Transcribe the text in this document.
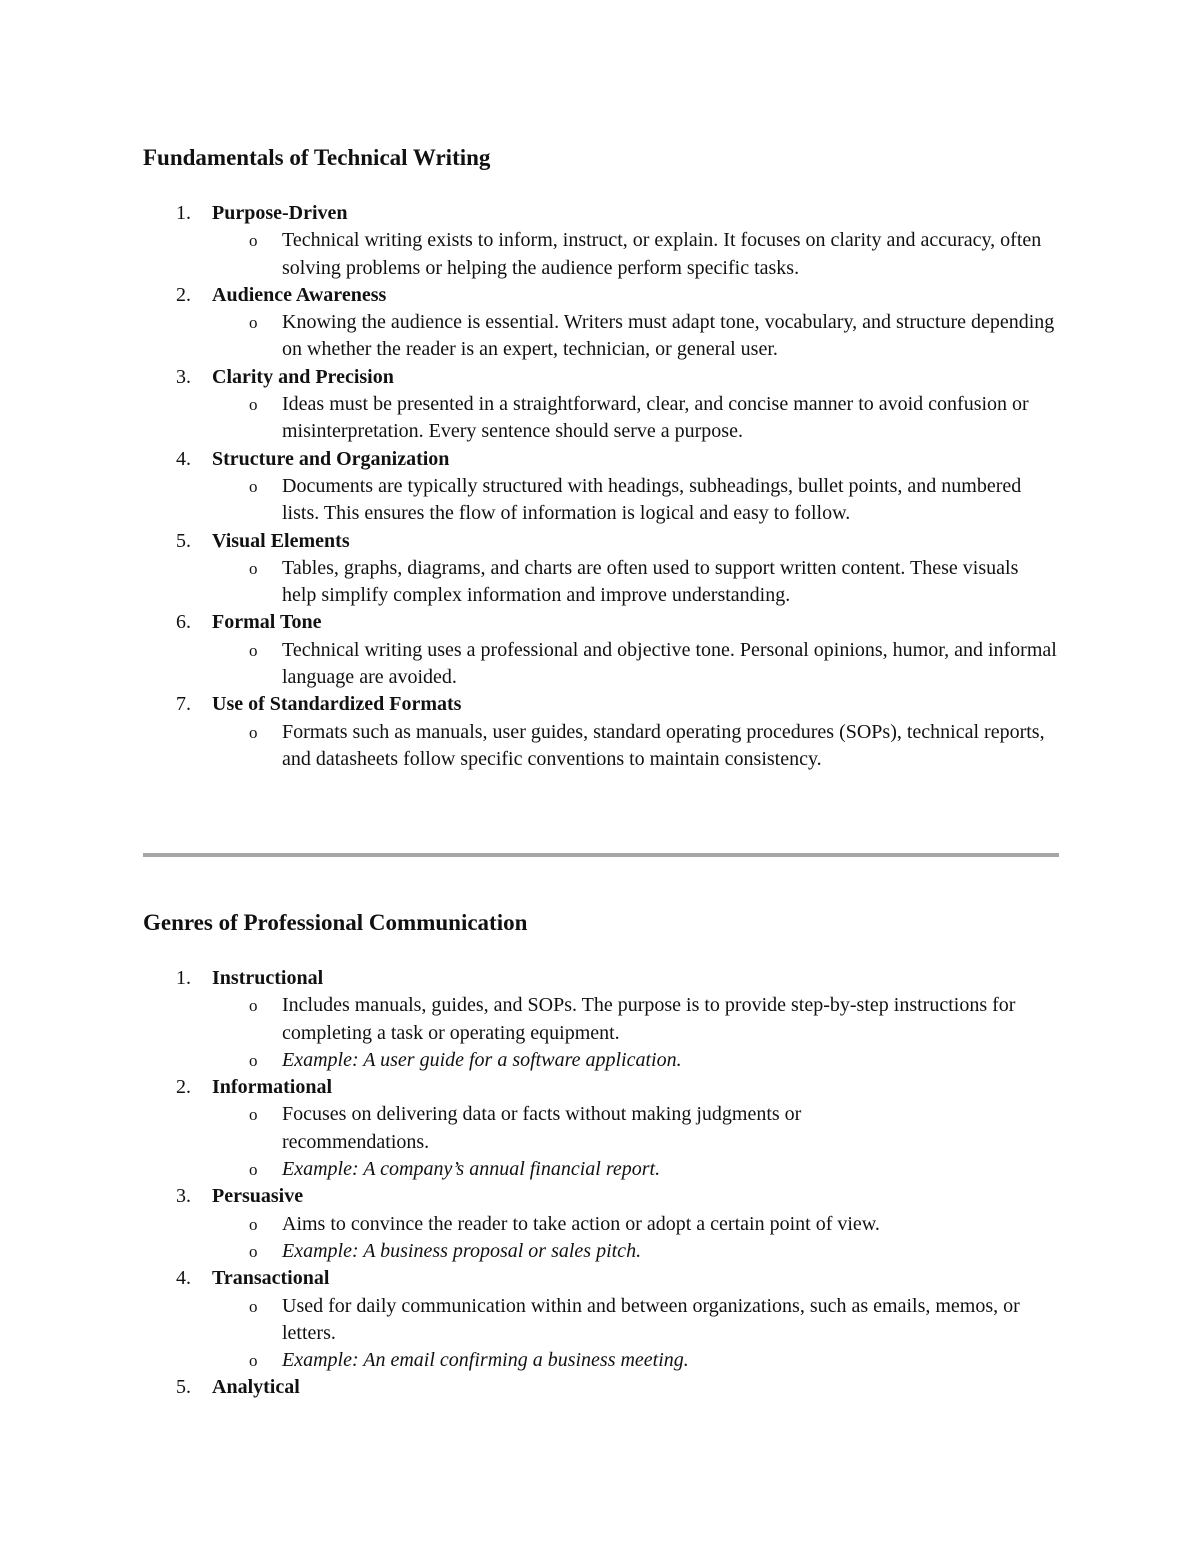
Fundamentals of Technical Writing
1. Purpose-Driven
o Technical writing exists to inform, instruct, or explain. It focuses on clarity and accuracy, often solving problems or helping the audience perform specific tasks.
2. Audience Awareness
o Knowing the audience is essential. Writers must adapt tone, vocabulary, and structure depending on whether the reader is an expert, technician, or general user.
3. Clarity and Precision
o Ideas must be presented in a straightforward, clear, and concise manner to avoid confusion or misinterpretation. Every sentence should serve a purpose.
4. Structure and Organization
o Documents are typically structured with headings, subheadings, bullet points, and numbered lists. This ensures the flow of information is logical and easy to follow.
5. Visual Elements
o Tables, graphs, diagrams, and charts are often used to support written content. These visuals help simplify complex information and improve understanding.
6. Formal Tone
o Technical writing uses a professional and objective tone. Personal opinions, humor, and informal language are avoided.
7. Use of Standardized Formats
o Formats such as manuals, user guides, standard operating procedures (SOPs), technical reports, and datasheets follow specific conventions to maintain consistency.
Genres of Professional Communication
1. Instructional
o Includes manuals, guides, and SOPs. The purpose is to provide step-by-step instructions for completing a task or operating equipment.
o Example: A user guide for a software application.
2. Informational
o Focuses on delivering data or facts without making judgments or recommendations.
o Example: A company’s annual financial report.
3. Persuasive
o Aims to convince the reader to take action or adopt a certain point of view.
o Example: A business proposal or sales pitch.
4. Transactional
o Used for daily communication within and between organizations, such as emails, memos, or letters.
o Example: An email confirming a business meeting.
5. Analytical
